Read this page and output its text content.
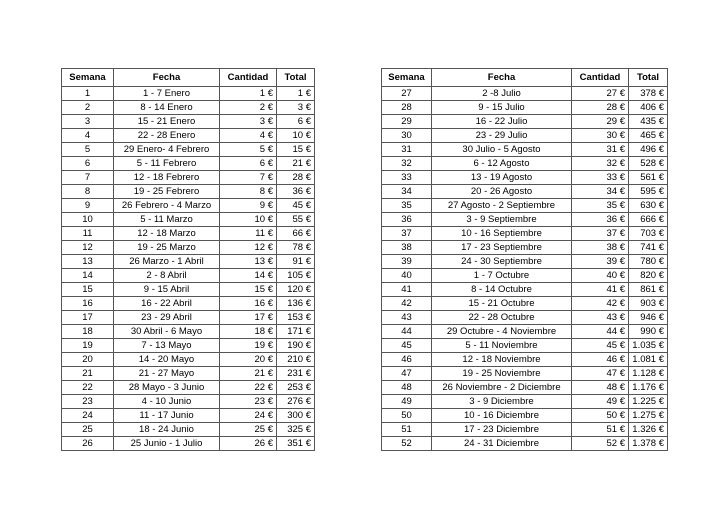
Semana	Fecha	Cantidad	Total
1	1 - 7 Enero	1 €	1 €
2	8 - 14 Enero	2 €	3 €
3	15 - 21 Enero	3 €	6 €
4	22 - 28 Enero	4 €	10 €
5	29 Enero- 4 Febrero	5 €	15 €
6	5 - 11 Febrero	6 €	21 €
7	12 - 18 Febrero	7 €	28 €
8	19 - 25 Febrero	8 €	36 €
9	26 Febrero - 4 Marzo	9 €	45 €
10	5 - 11 Marzo	10 €	55 €
11	12 - 18 Marzo	11 €	66 €
12	19 - 25 Marzo	12 €	78 €
13	26 Marzo - 1 Abril	13 €	91 €
14	2 - 8 Abril	14 €	105 €
15	9 - 15 Abril	15 €	120 €
16	16 - 22 Abril	16 €	136 €
17	23 - 29 Abril	17 €	153 €
18	30 Abril - 6 Mayo	18 €	171 €
19	7 - 13 Mayo	19 €	190 €
20	14 - 20 Mayo	20 €	210 €
21	21 - 27 Mayo	21 €	231 €
22	28 Mayo - 3 Junio	22 €	253 €
23	4 - 10 Junio	23 €	276 €
24	11 - 17 Junio	24 €	300 €
25	18 - 24 Junio	25 €	325 €
26	25 Junio - 1 Julio	26 €	351 €
Semana	Fecha	Cantidad	Total
27	2 -8 Julio	27 €	378 €
28	9 - 15 Julio	28 €	406 €
29	16 - 22 Julio	29 €	435 €
30	23 - 29 Julio	30 €	465 €
31	30 Julio - 5 Agosto	31 €	496 €
32	6 - 12 Agosto	32 €	528 €
33	13 - 19 Agosto	33 €	561 €
34	20 - 26 Agosto	34 €	595 €
35	27 Agosto - 2 Septiembre	35 €	630 €
36	3 - 9 Septiembre	36 €	666 €
37	10 - 16 Septiembre	37 €	703 €
38	17 - 23 Septiembre	38 €	741 €
39	24 - 30 Septiembre	39 €	780 €
40	1 - 7 Octubre	40 €	820 €
41	8 - 14 Octubre	41 €	861 €
42	15 - 21 Octubre	42 €	903 €
43	22 - 28 Octubre	43 €	946 €
44	29 Octubre - 4 Noviembre	44 €	990 €
45	5 - 11 Noviembre	45 €	1.035 €
46	12 - 18 Noviembre	46 €	1.081 €
47	19 - 25 Noviembre	47 €	1.128 €
48	26 Noviembre - 2 Diciembre	48 €	1.176 €
49	3 - 9 Diciembre	49 €	1.225 €
50	10 - 16 Diciembre	50 €	1.275 €
51	17 - 23 Diciembre	51 €	1.326 €
52	24 - 31 Diciembre	52 €	1.378 €
